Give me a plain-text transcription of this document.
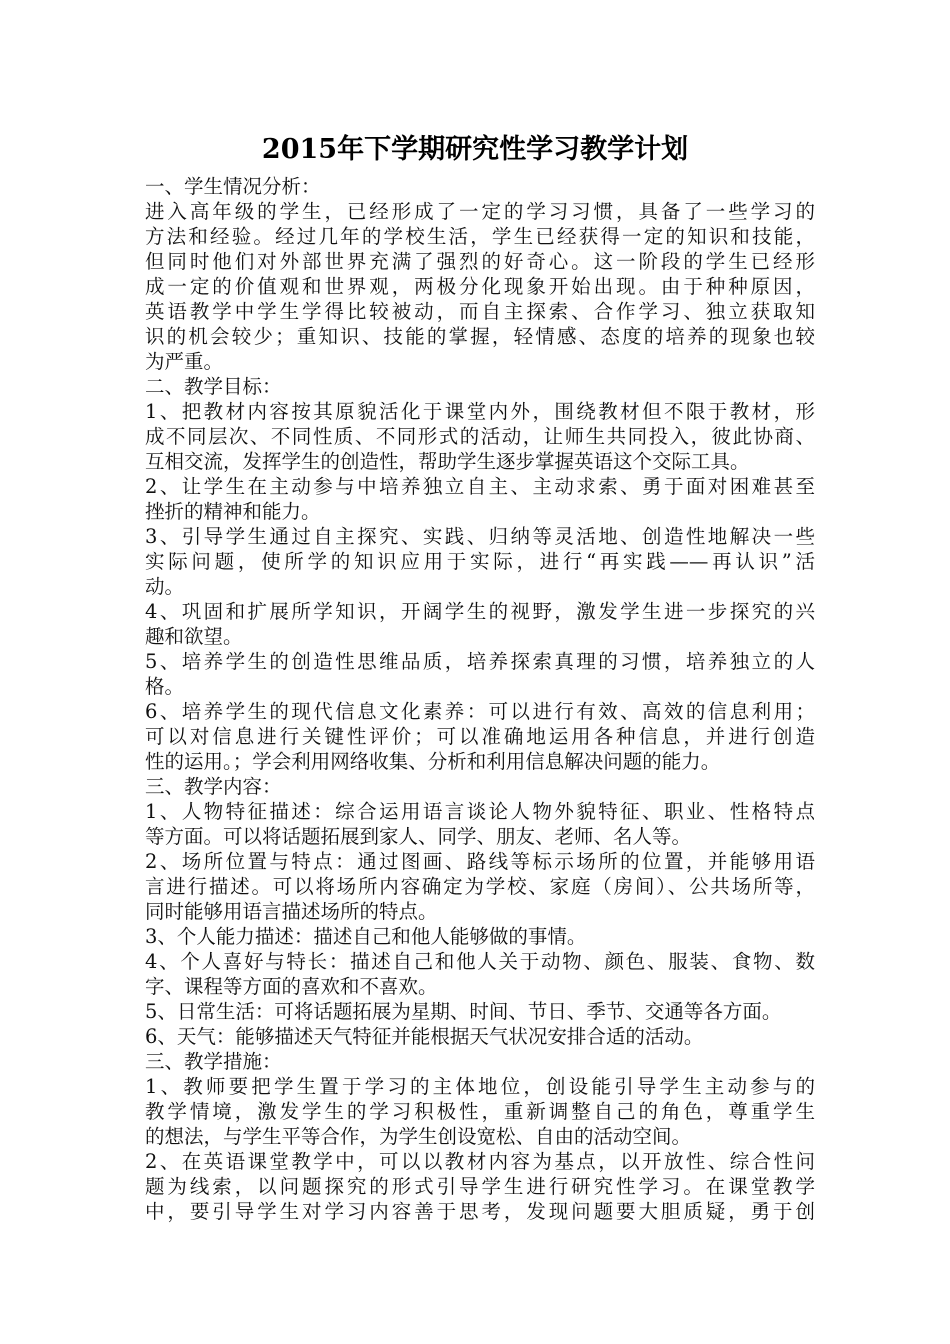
2015年下学期研究性学习教学计划
一、学生情况分析：
进入高年级的学生，已经形成了一定的学习习惯，具备了一些学习的
方法和经验。经过几年的学校生活，学生已经获得一定的知识和技能，
但同时他们对外部世界充满了强烈的好奇心。这一阶段的学生已经形
成一定的价值观和世界观，两极分化现象开始出现。由于种种原因，
英语教学中学生学得比较被动，而自主探索、合作学习、独立获取知
识的机会较少；重知识、技能的掌握，轻情感、态度的培养的现象也较
为严重。
二、教学目标：
1、把教材内容按其原貌活化于课堂内外，围绕教材但不限于教材，形
成不同层次、不同性质、不同形式的活动，让师生共同投入，彼此协商、
互相交流，发挥学生的创造性，帮助学生逐步掌握英语这个交际工具。
2、让学生在主动参与中培养独立自主、主动求索、勇于面对困难甚至
挫折的精神和能力。
3、引导学生通过自主探究、实践、归纳等灵活地、创造性地解决一些
实际问题，使所学的知识应用于实际，进行“再实践——再认识”活
动。
4、巩固和扩展所学知识，开阔学生的视野，激发学生进一步探究的兴
趣和欲望。
5、培养学生的创造性思维品质，培养探索真理的习惯，培养独立的人
格。
6、培养学生的现代信息文化素养：可以进行有效、高效的信息利用；
可以对信息进行关键性评价；可以准确地运用各种信息，并进行创造
性的运用。；学会利用网络收集、分析和利用信息解决问题的能力。
三、教学内容：
1、人物特征描述：综合运用语言谈论人物外貌特征、职业、性格特点
等方面。可以将话题拓展到家人、同学、朋友、老师、名人等。
2、场所位置与特点：通过图画、路线等标示场所的位置，并能够用语
言进行描述。可以将场所内容确定为学校、家庭（房间）、公共场所等，
同时能够用语言描述场所的特点。
3、个人能力描述：描述自己和他人能够做的事情。
4、个人喜好与特长：描述自己和他人关于动物、颜色、服装、食物、数
字、课程等方面的喜欢和不喜欢。
5、日常生活：可将话题拓展为星期、时间、节日、季节、交通等各方面。
6、天气：能够描述天气特征并能根据天气状况安排合适的活动。
三、教学措施：
1、教师要把学生置于学习的主体地位，创设能引导学生主动参与的
教学情境，激发学生的学习积极性，重新调整自己的角色，尊重学生
的想法，与学生平等合作，为学生创设宽松、自由的活动空间。
2、在英语课堂教学中，可以以教材内容为基点，以开放性、综合性问
题为线索，以问题探究的形式引导学生进行研究性学习。在课堂教学
中，要引导学生对学习内容善于思考，发现问题要大胆质疑，勇于创
